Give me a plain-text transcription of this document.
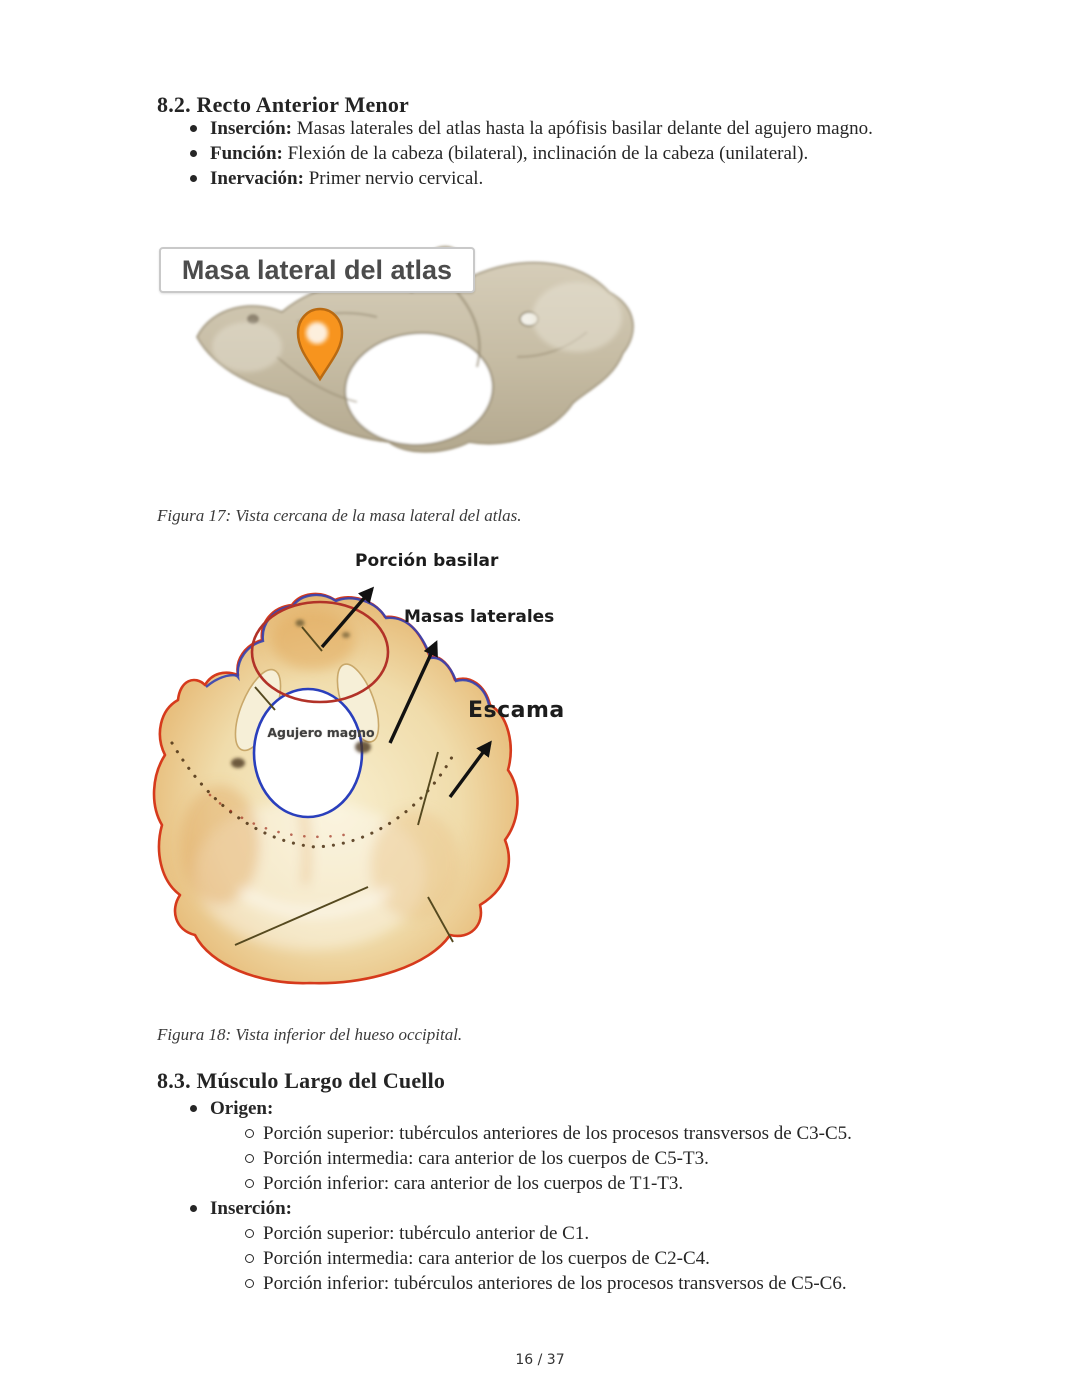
8.2. Recto Anterior Menor
Inserción: Masas laterales del atlas hasta la apófisis basilar delante del agujero magno.
Función: Flexión de la cabeza (bilateral), inclinación de la cabeza (unilateral).
Inervación: Primer nervio cervical.
Masa lateral del atlas
Figura 17: Vista cercana de la masa lateral del atlas.
Porción basilar
Masas laterales
Escama
Agujero magno
Figura 18: Vista inferior del hueso occipital.
8.3. Músculo Largo del Cuello
Origen:
Porción superior: tubérculos anteriores de los procesos transversos de C3-C5.
Porción intermedia: cara anterior de los cuerpos de C5-T3.
Porción inferior: cara anterior de los cuerpos de T1-T3.
Inserción:
Porción superior: tubérculo anterior de C1.
Porción intermedia: cara anterior de los cuerpos de C2-C4.
Porción inferior: tubérculos anteriores de los procesos transversos de C5-C6.
16 / 37
